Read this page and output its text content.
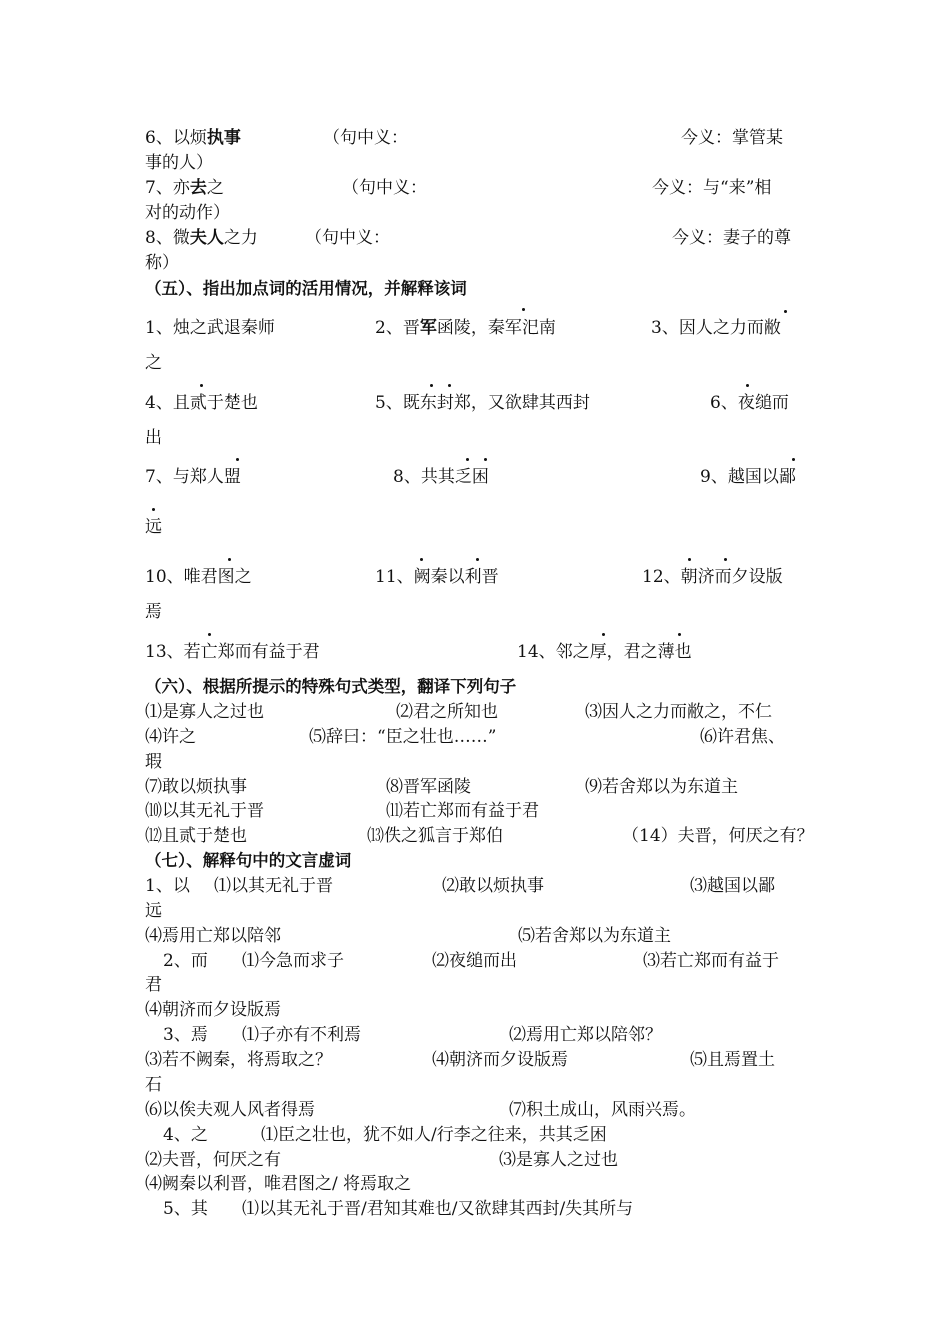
6、以烦执事	（句中义：	今义：掌管某
事的人）
7、亦去之	（句中义：	今义：与“来”相
对的动作）
8、微夫人之力	（句中义：	今义：妻子的尊
称）
（五）、指出加点词的活用情况，并解释该词
1、烛之武退秦师	2、晋军函陵，秦军汜南	3、因人之力而敝
之
4、且贰于楚也	5、既东封郑，又欲肆其西封	6、夜缒而
出
7、与郑人盟	8、共其乏困	9、越国以鄙
远
10、唯君图之	11、阙秦以利晋	12、朝济而夕设版
焉
13、若亡郑而有益于君	14、邻之厚，君之薄也
（六）、根据所提示的特殊句式类型，翻译下列句子
⑴是寡人之过也	⑵君之所知也	⑶因人之力而敝之，不仁
⑷许之	⑸辞曰：“臣之壮也……”	⑹许君焦、
瑕
⑺敢以烦执事	⑻晋军函陵	⑼若舍郑以为东道主
⑽以其无礼于晋	⑾若亡郑而有益于君
⑿且贰于楚也	⒀佚之狐言于郑伯	（14）夫晋，何厌之有？
（七）、解释句中的文言虚词
1、以 ⑴以其无礼于晋	⑵敢以烦执事	⑶越国以鄙
远
⑷焉用亡郑以陪邻	⑸若舍郑以为东道主
2、而 ⑴今急而求子	⑵夜缒而出	⑶若亡郑而有益于
君
⑷朝济而夕设版焉
3、焉 ⑴子亦有不利焉	⑵焉用亡郑以陪邻？
⑶若不阙秦，将焉取之？	⑷朝济而夕设版焉	⑸且焉置土
石
⑹以俟夫观人风者得焉	⑺积土成山，风雨兴焉。
4、之	⑴臣之壮也，犹不如人/行李之往来，共其乏困
⑵夫晋，何厌之有	⑶是寡人之过也
⑷阙秦以利晋，唯君图之/ 将焉取之
5、其 ⑴以其无礼于晋/君知其难也/又欲肆其西封/失其所与
